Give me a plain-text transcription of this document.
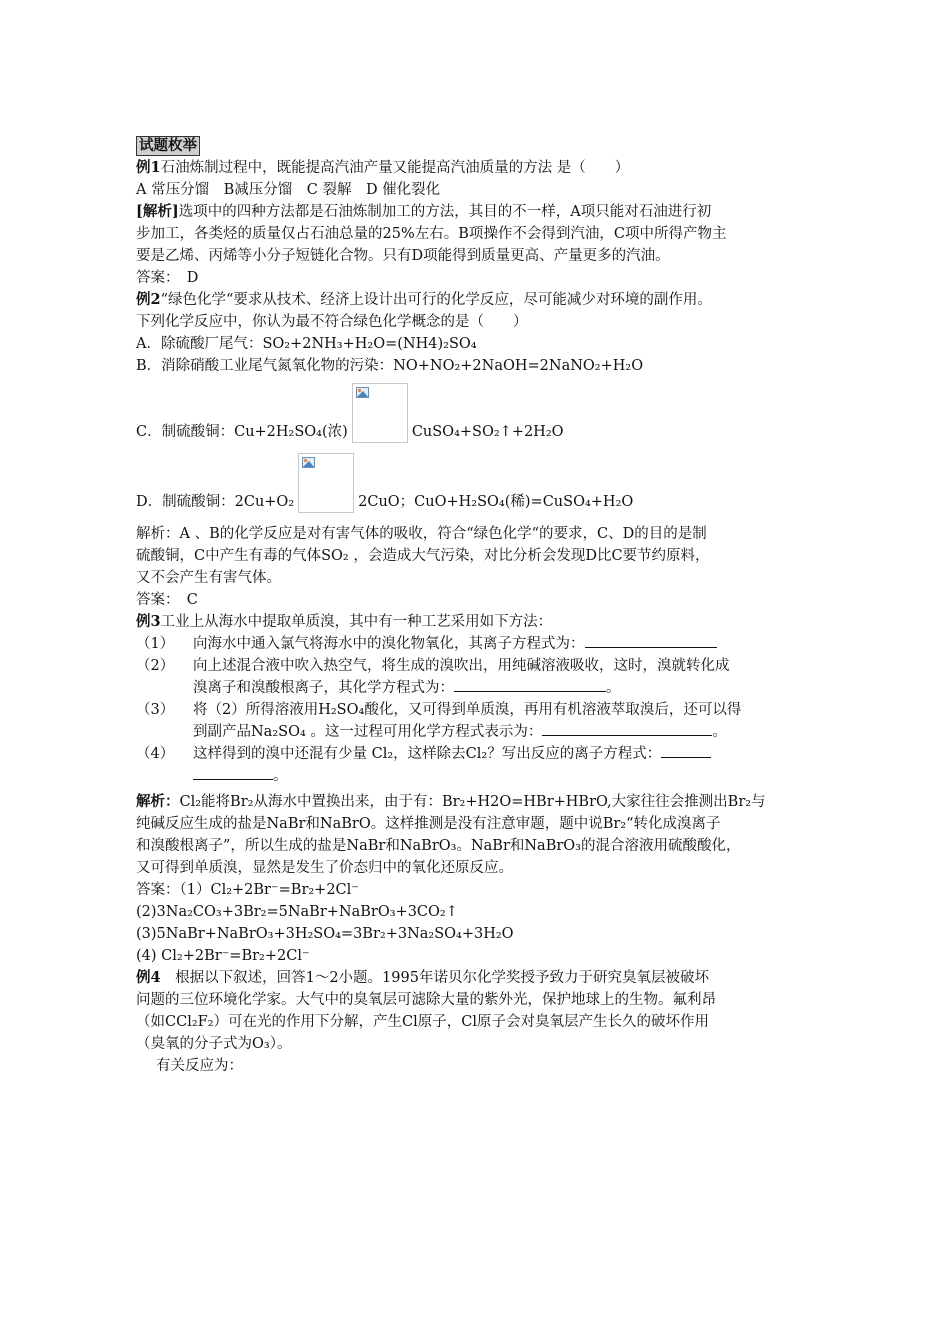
试题枚举
例1石油炼制过程中，既能提高汽油产量又能提高汽油质量的方法 是（　　）
A 常压分馏　B减压分馏　C 裂解　D 催化裂化
[解析]选项中的四种方法都是石油炼制加工的方法，其目的不一样，A项只能对石油进行初
步加工，各类烃的质量仅占石油总量的25%左右。B项操作不会得到汽油，C项中所得产物主
要是乙烯、丙烯等小分子短链化合物。只有D项能得到质量更高、产量更多的汽油。
答案：　D
例2“绿色化学“要求从技术、经济上设计出可行的化学反应，尽可能减少对环境的副作用。
下列化学反应中，你认为最不符合绿色化学概念的是（　　）
A．除硫酸厂尾气：SO₂+2NH₃+H₂O=(NH4)₂SO₄
B．消除硝酸工业尾气氮氧化物的污染：NO+NO₂+2NaOH=2NaNO₂+H₂O
C．制硫酸铜：Cu+2H₂SO₄(浓)	CuSO₄+SO₂↑+2H₂O
D．制硫酸铜：2Cu+O₂	2CuO；CuO+H₂SO₄(稀)=CuSO₄+H₂O
解析：A 、B的化学反应是对有害气体的吸收，符合“绿色化学“的要求，C、D的目的是制
硫酸铜，C中产生有毒的气体SO₂ ，会造成大气污染，对比分析会发现D比C要节约原料，
又不会产生有害气体。
答案：　C
例3工业上从海水中提取单质溴，其中有一种工艺采用如下方法：
（1）	向海水中通入氯气将海水中的溴化物氧化，其离子方程式为：
（2）	向上述混合液中吹入热空气，将生成的溴吹出，用纯碱溶液吸收，这时，溴就转化成
溴离子和溴酸根离子，其化学方程式为：	。
（3）	将（2）所得溶液用H₂SO₄酸化，又可得到单质溴，再用有机溶液萃取溴后，还可以得
到副产品Na₂SO₄ 。这一过程可用化学方程式表示为：	。
（4）	这样得到的溴中还混有少量 Cl₂，这样除去Cl₂？写出反应的离子方程式：
。
解析：Cl₂能将Br₂从海水中置换出来，由于有：Br₂+H2O=HBr+HBrO,大家往往会推测出Br₂与
纯碱反应生成的盐是NaBr和NaBrO。这样推测是没有注意审题，题中说Br₂“转化成溴离子
和溴酸根离子”，所以生成的盐是NaBr和NaBrO₃。NaBr和NaBrO₃的混合溶液用硫酸酸化，
又可得到单质溴，显然是发生了价态归中的氧化还原反应。
答案：（1）Cl₂+2Br⁻=Br₂+2Cl⁻
(2)3Na₂CO₃+3Br₂=5NaBr+NaBrO₃+3CO₂↑
(3)5NaBr+NaBrO₃+3H₂SO₄=3Br₂+3Na₂SO₄+3H₂O
(4) Cl₂+2Br⁻=Br₂+2Cl⁻
例4　根据以下叙述，回答1～2小题。1995年诺贝尔化学奖授予致力于研究臭氧层被破坏
问题的三位环境化学家。大气中的臭氧层可滤除大量的紫外光，保护地球上的生物。氟利昂
（如CCl₂F₂）可在光的作用下分解，产生Cl原子，Cl原子会对臭氧层产生长久的破坏作用
（臭氧的分子式为O₃）。
有关反应为：
